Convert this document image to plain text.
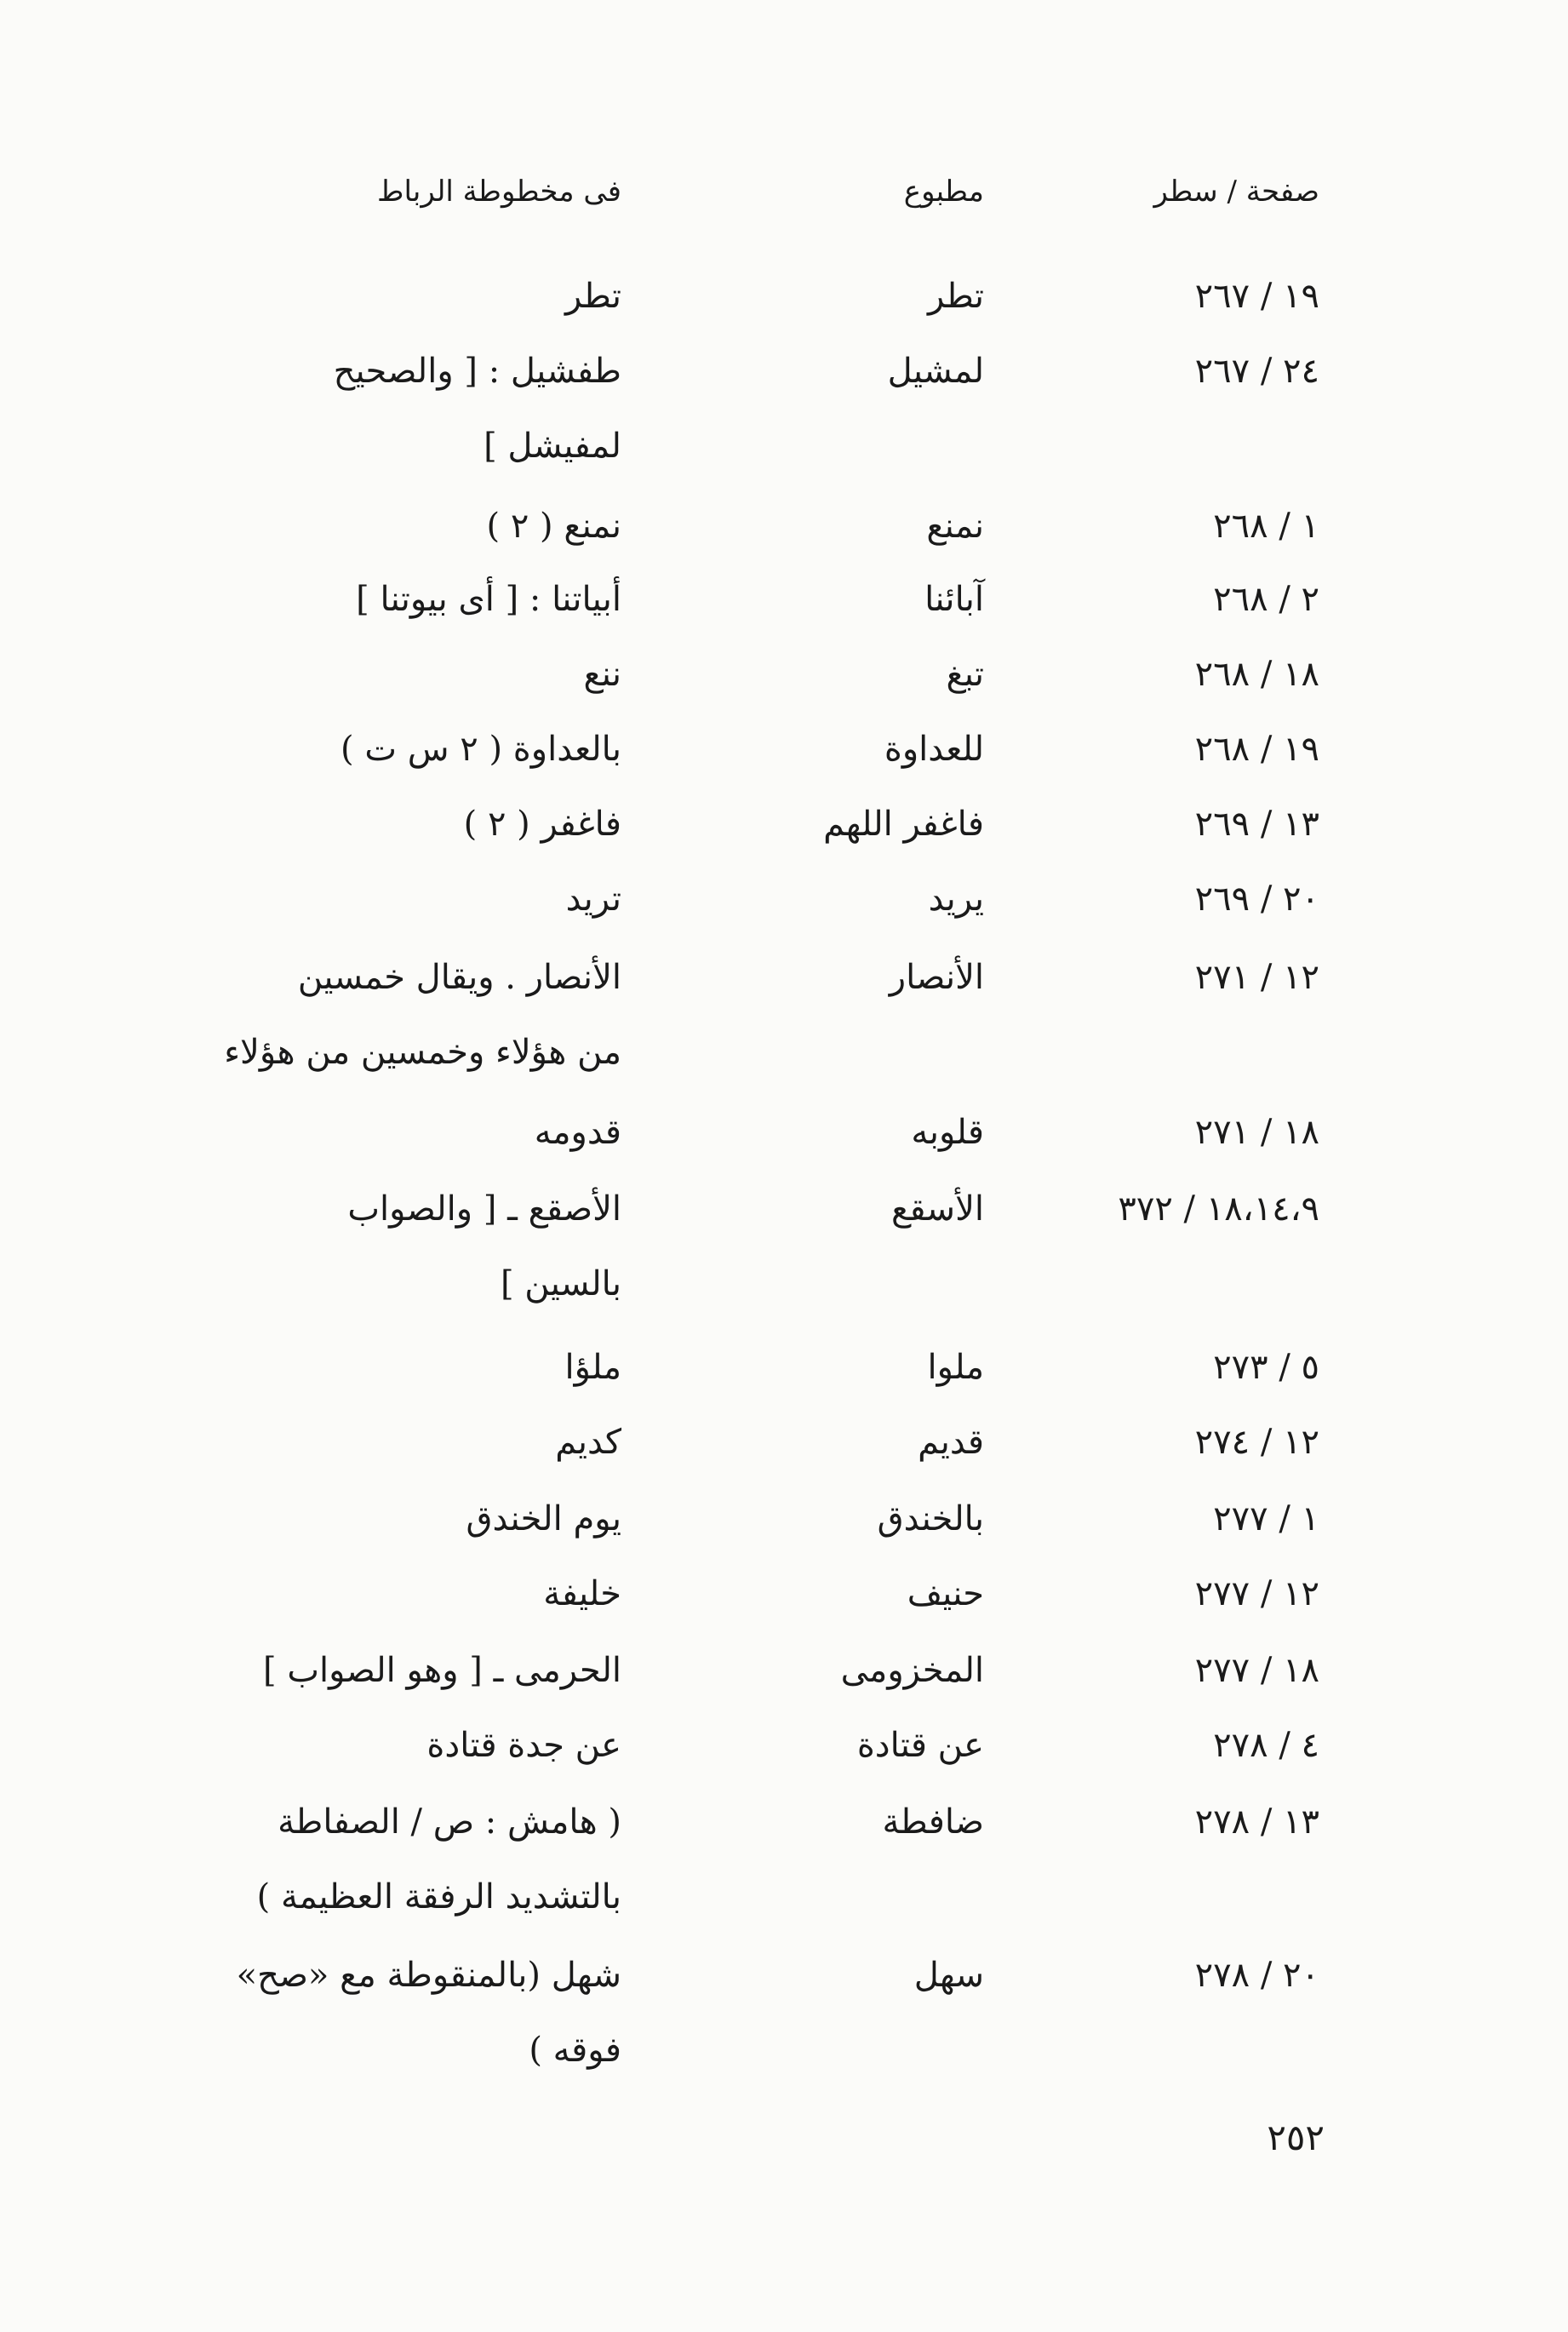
صفحة / سطر
مطبوع
فى مخطوطة الرباط
١٩ / ٢٦٧
تطر
تطر
٢٤ / ٢٦٧
لمشيل
طفشيل : [ والصحيح
لمفيشل ]
١ / ٢٦٨
نمنع
نمنع ( ٢ )
٢ / ٢٦٨
آبائنا
أبياتنا : [ أى بيوتنا ]
١٨ / ٢٦٨
تبغ
ننع
١٩ / ٢٦٨
للعداوة
بالعداوة ( ٢ س ت )
١٣ / ٢٦٩
فاغفر اللهم
فاغفر ( ٢ )
٢٠ / ٢٦٩
يريد
تريد
١٢ / ٢٧١
الأنصار
الأنصار . ويقال خمسين
من هؤلاء وخمسين من هؤلاء
١٨ / ٢٧١
قلوبه
قدومه
١٨،١٤،٩ / ٣٧٢
الأسقع
الأصقع ـ [ والصواب
بالسين ]
٥ / ٢٧٣
ملوا
ملؤا
١٢ / ٢٧٤
قديم
كديم
١ / ٢٧٧
بالخندق
يوم الخندق
١٢ / ٢٧٧
حنيف
خليفة
١٨ / ٢٧٧
المخزومى
الحرمى ـ [ وهو الصواب ]
٤ / ٢٧٨
عن قتادة
عن جدة قتادة
١٣ / ٢٧٨
ضافطة
( هامش : ص / الصفاطة
بالتشديد الرفقة العظيمة )
٢٠ / ٢٧٨
سهل
شهل (بالمنقوطة مع «صح»
فوقه )
٢٥٢
